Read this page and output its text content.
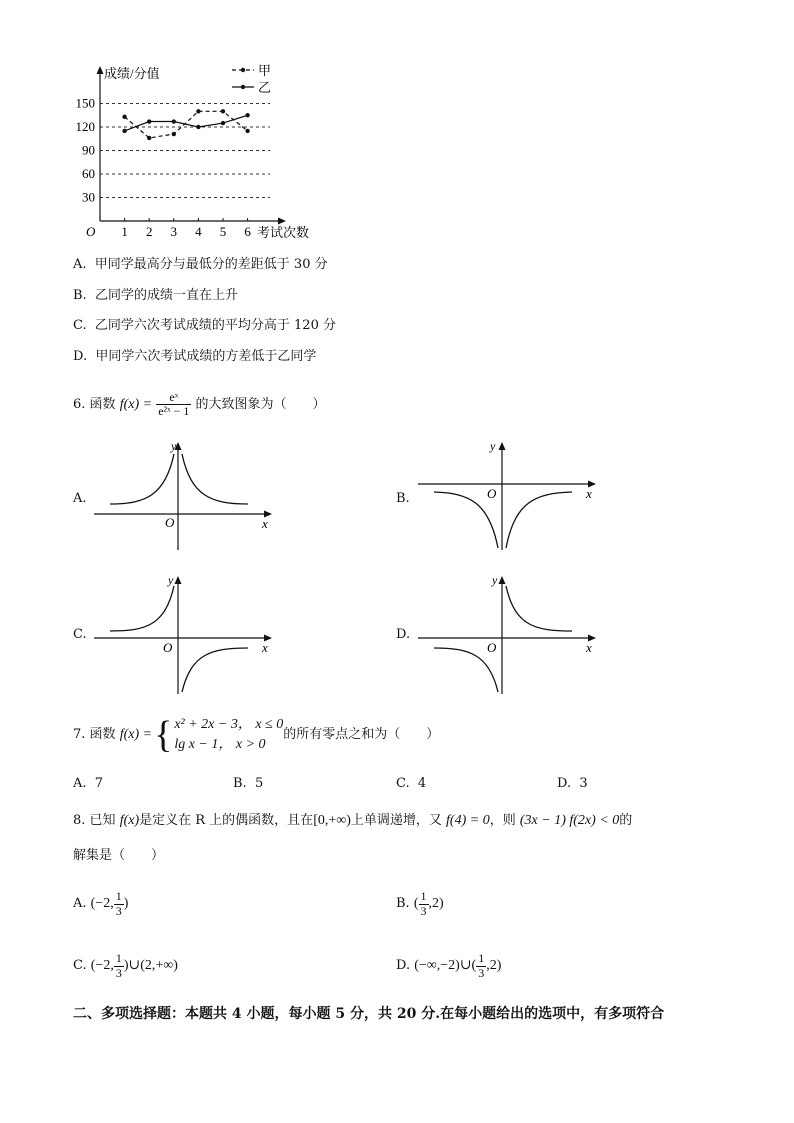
30
60
90
120
150
成绩/分值
考试次数
O 1 2 3 4 5 6
甲
乙
A. 甲同学最高分与最低分的差距低于 30 分
B. 乙同学的成绩一直在上升
C. 乙同学六次考试成绩的平均分高于 120 分
D. 甲同学六次考试成绩的方差低于乙同学
6. 函数 $f(x) = \frac{\text{eˣ}}{\text{e²ˣ − 1}}$ 的大致图象为（　　）
A.	B.
C.	D.
y
x
O
y
x
O
y
x
O
y
x
O
7. 函数
f(x) = { x² + 2x − 3， x ≤ 0
lg x − 1， x > 0
的所有零点之和为（　　）
A. 7	B. 5	C. 4	D. 3
8. 已知 f(x)是定义在 R 上的偶函数，且在[0,+∞)上单调递增，又 f(4) = 0，则 (3x − 1) f(2x) < 0的
解集是（　　）
A.
(−2, $\frac{1}{3}$ )	B.
( $\frac{1}{3} ,2$)
C.
(−2, $\frac{1}{3}$ )∪(2,+∞)	D.
(−∞,−2)∪( $\frac{1}{3} ,2$)
二、多项选择题：本题共 4 小题，每小题 5 分，共 20 分.在每小题给出的选项中，有多项符合
